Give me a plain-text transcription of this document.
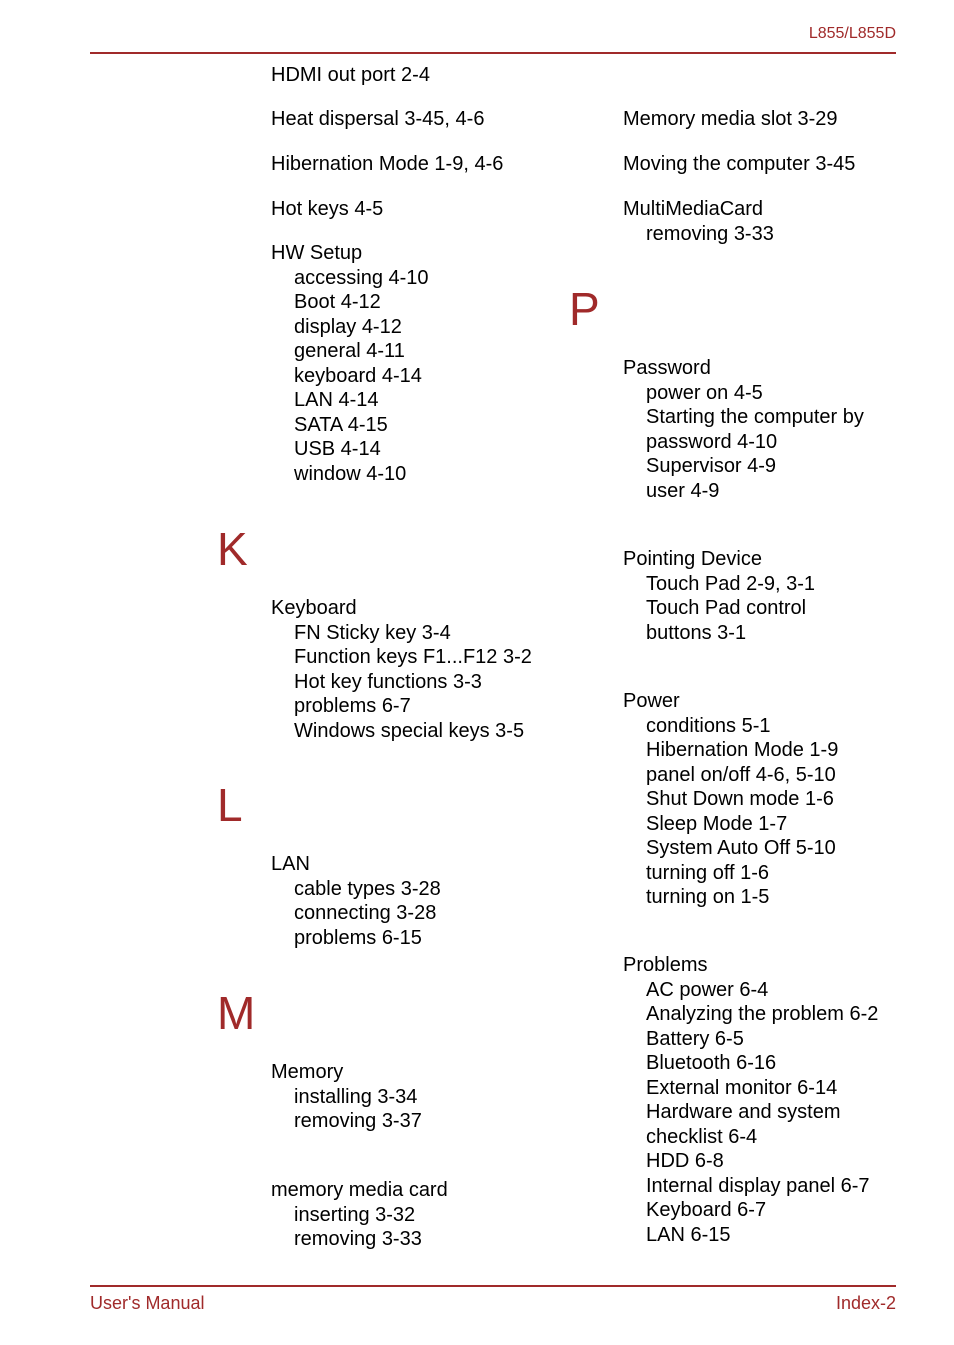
L855/L855D
HDMI out port 2-4
Heat dispersal 3-45, 4-6
Hibernation Mode 1-9, 4-6
Hot keys 4-5
HW Setup
accessing 4-10
Boot 4-12
display 4-12
general 4-11
keyboard 4-14
LAN 4-14
SATA 4-15
USB 4-14
window 4-10
K
Keyboard
FN Sticky key 3-4
Function keys F1...F12 3-2
Hot key functions 3-3
problems 6-7
Windows special keys 3-5
L
LAN
cable types 3-28
connecting 3-28
problems 6-15
M
Memory
installing 3-34
removing 3-37
memory media card
inserting 3-32
removing 3-33
Memory media slot 3-29
Moving the computer 3-45
MultiMediaCard
removing 3-33
P
Password
power on 4-5
Starting the computer by
password 4-10
Supervisor 4-9
user 4-9
Pointing Device
Touch Pad 2-9, 3-1
Touch Pad control
buttons 3-1
Power
conditions 5-1
Hibernation Mode 1-9
panel on/off 4-6, 5-10
Shut Down mode 1-6
Sleep Mode 1-7
System Auto Off 5-10
turning off 1-6
turning on 1-5
Problems
AC power 6-4
Analyzing the problem 6-2
Battery 6-5
Bluetooth 6-16
External monitor 6-14
Hardware and system
checklist 6-4
HDD 6-8
Internal display panel 6-7
Keyboard 6-7
LAN 6-15
User's Manual	Index-2
